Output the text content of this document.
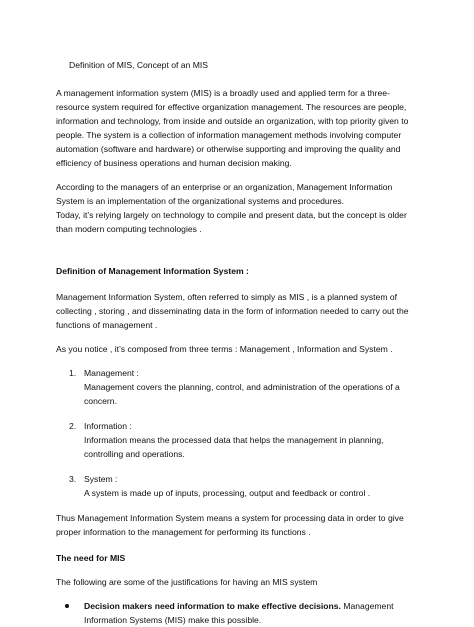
Definition of MIS, Concept of an MIS

A management information system (MIS) is a broadly used and applied term for a three-
resource system required for effective organization management. The resources are people,
information and technology, from inside and outside an organization, with top priority given to
people. The system is a collection of information management methods involving computer
automation (software and hardware) or otherwise supporting and improving the quality and
efficiency of business operations and human decision making.
According to the managers of an enterprise or an organization, Management Information
System is an implementation of the organizational systems and procedures.
Today, it’s relying largely on technology to compile and present data, but the concept is older
than modern computing technologies .

Definition of Management Information System :

Management Information System, often referred to simply as MIS , is a planned system of
collecting , storing , and disseminating data in the form of information needed to carry out the
functions of management .

As you notice , it’s composed from three terms : Management , Information and System .

1. Management :
Management covers the planning, control, and administration of the operations of a
concern.
2. Information :
Information means the processed data that helps the management in planning,
controlling and operations.
3. System :
A system is made up of inputs, processing, output and feedback or control .
Thus Management Information System means a system for processing data in order to give
proper information to the management for performing its functions .

The need for MIS

The following are some of the justifications for having an MIS system

Decision makers need information to make effective decisions. Management
Information Systems (MIS) make this possible.
